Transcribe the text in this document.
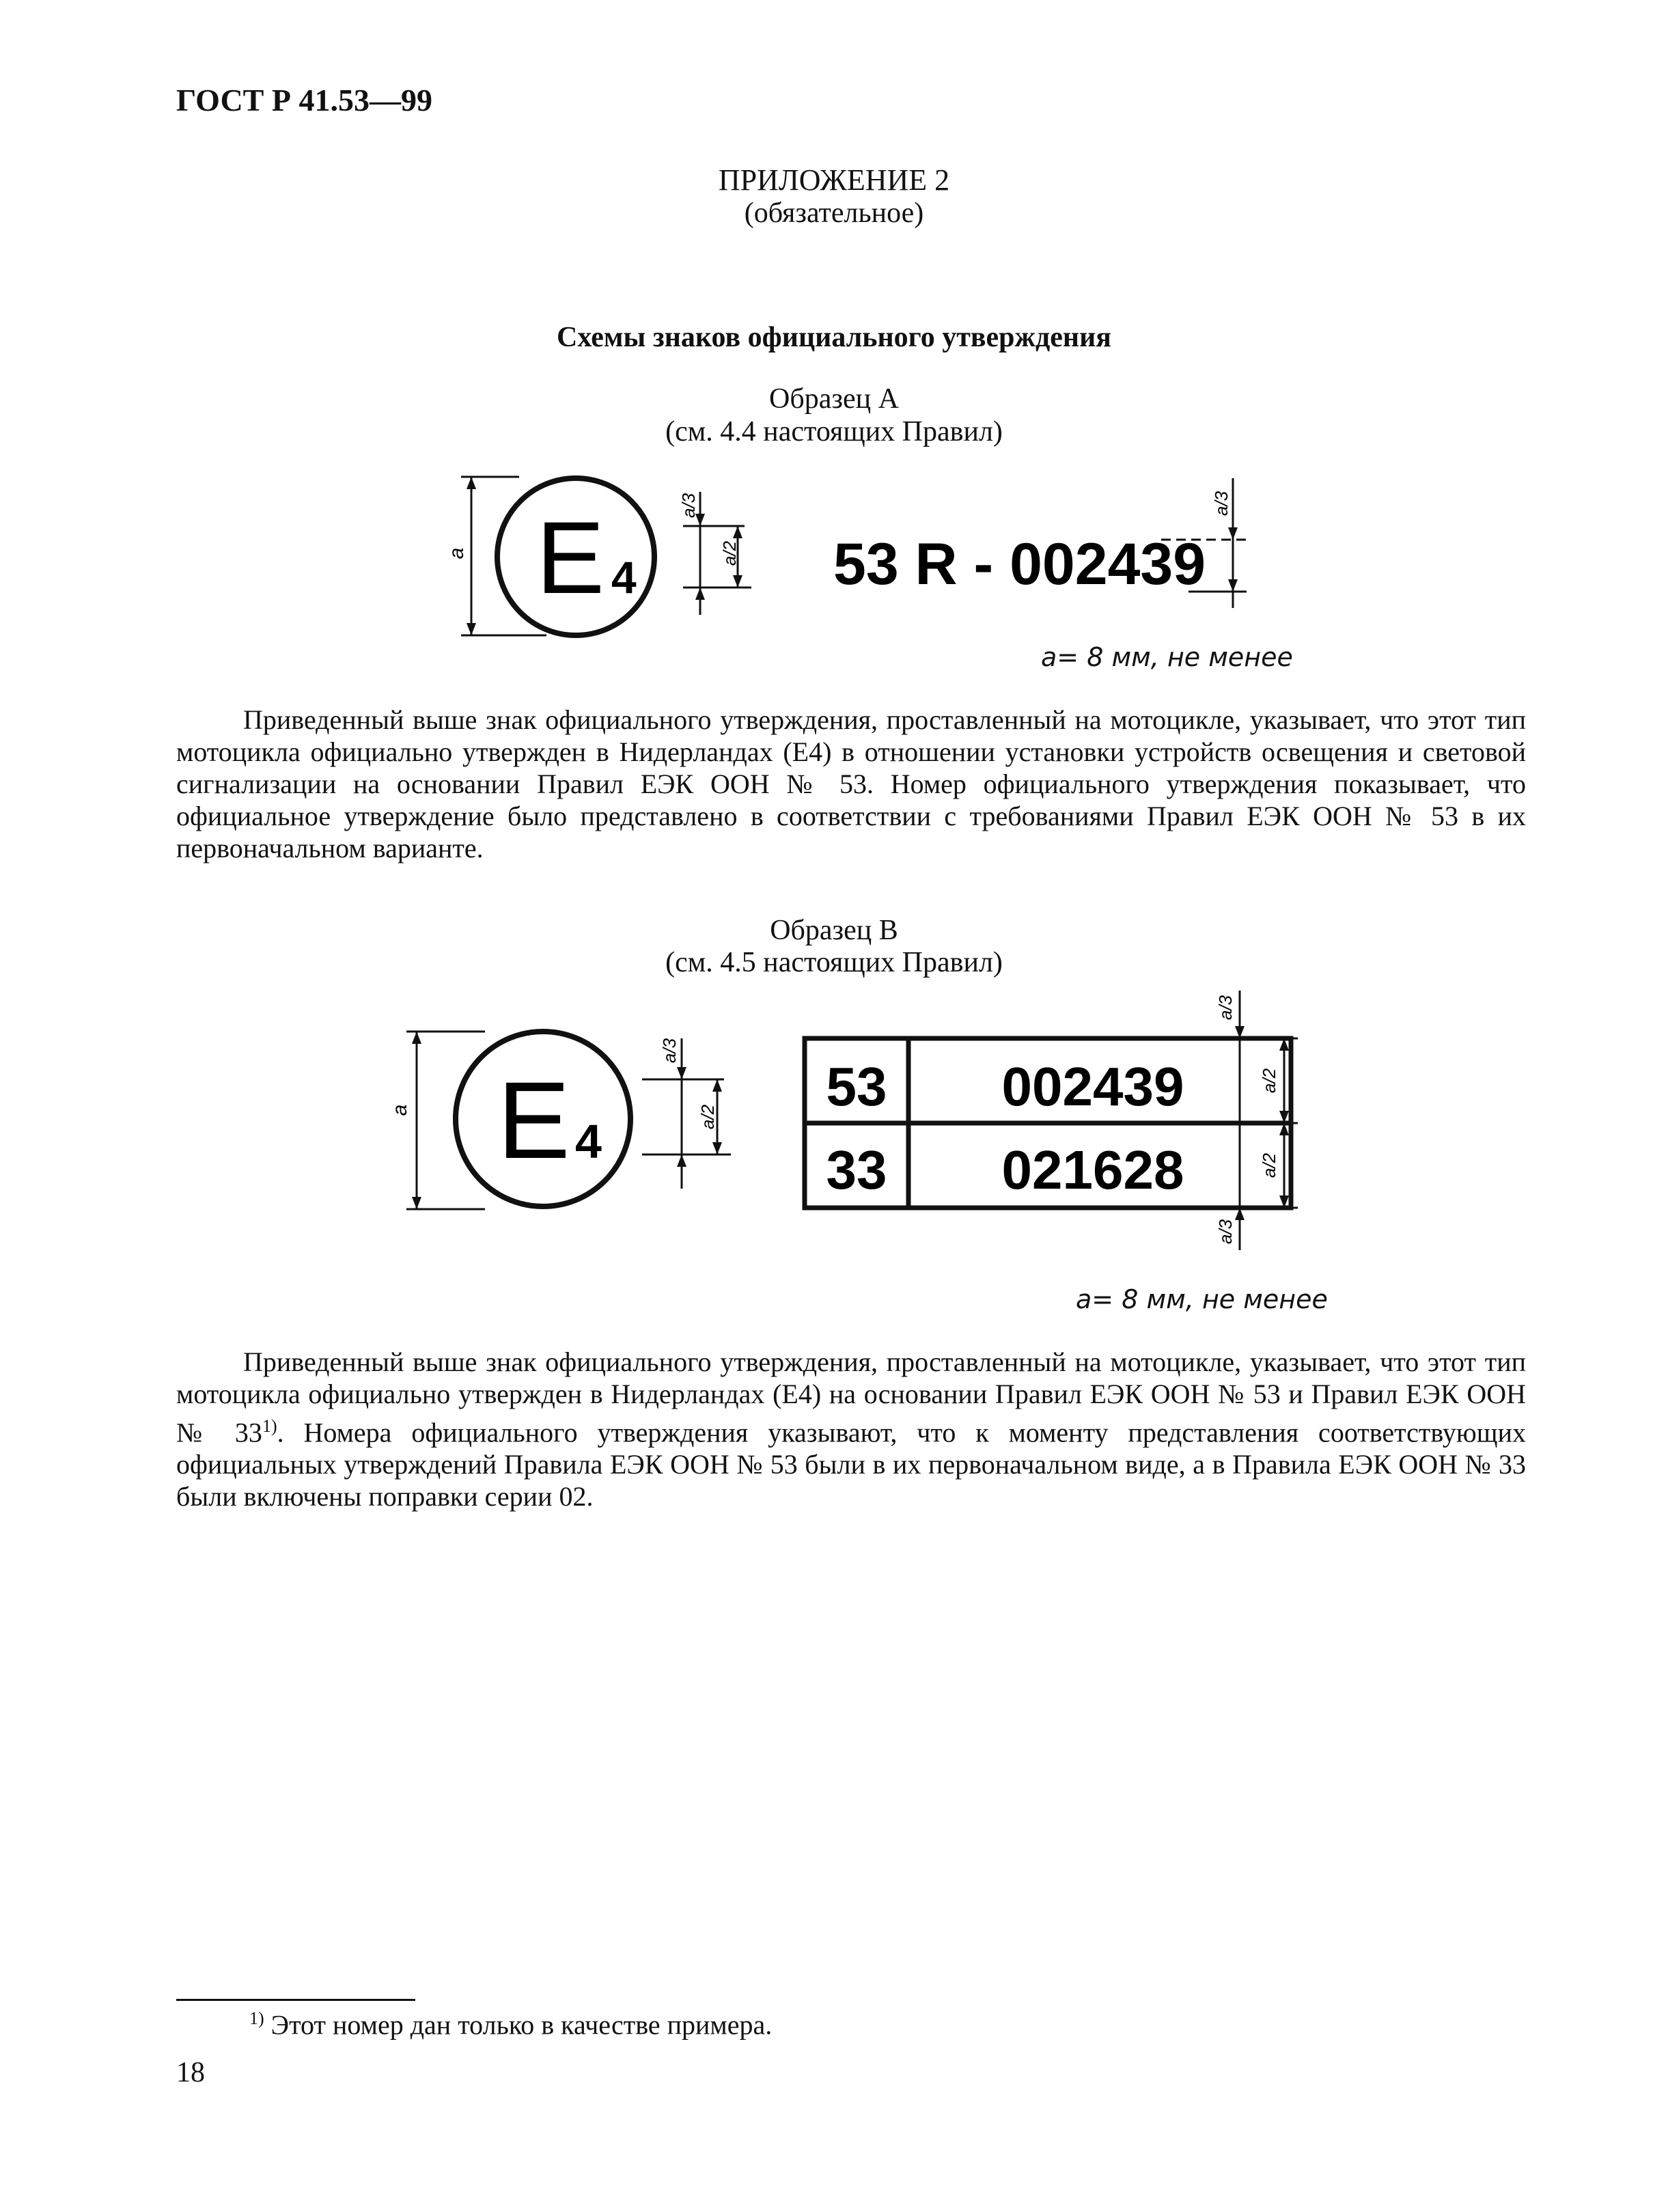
ГОСТ Р 41.53—99
ПРИЛОЖЕНИЕ 2
(обязательное)
Схемы знаков официального утверждения
Образец А
(см. 4.4 настоящих Правил)
a E 4
a/3
a/2 53 R - 002439
a/3
a= 8 мм, не менее
Приведенный выше знак официального утверждения, проставленный на мотоцикле, указывает, что этот тип мотоцикла официально утвержден в Нидерландах (E4) в отношении установки устройств освещения и световой сигнализации на основании Правил ЕЭК ООН № 53. Номер официального утверждения показывает, что официальное утверждение было представлено в соответствии с требованиями Правил ЕЭК ООН № 53 в их первоначальном варианте.
Образец В
(см. 4.5 настоящих Правил)
a E 4
a/3
a/2 53 002439
33 021628
a/3
a/2
a/2
a/3
a= 8 мм, не менее
Приведенный выше знак официального утверждения, проставленный на мотоцикле, указывает, что этот тип мотоцикла официально утвержден в Нидерландах (E4) на основании Правил ЕЭК ООН № 53 и Правил ЕЭК ООН № 33$^{1)}$. Номера официального утверждения указывают, что к моменту представления соответствующих официальных утверждений Правила ЕЭК ООН № 53 были в их первоначальном виде, а в Правила ЕЭК ООН № 33 были включены поправки серии 02.
$^{1)}$ Этот номер дан только в качестве примера.
18
